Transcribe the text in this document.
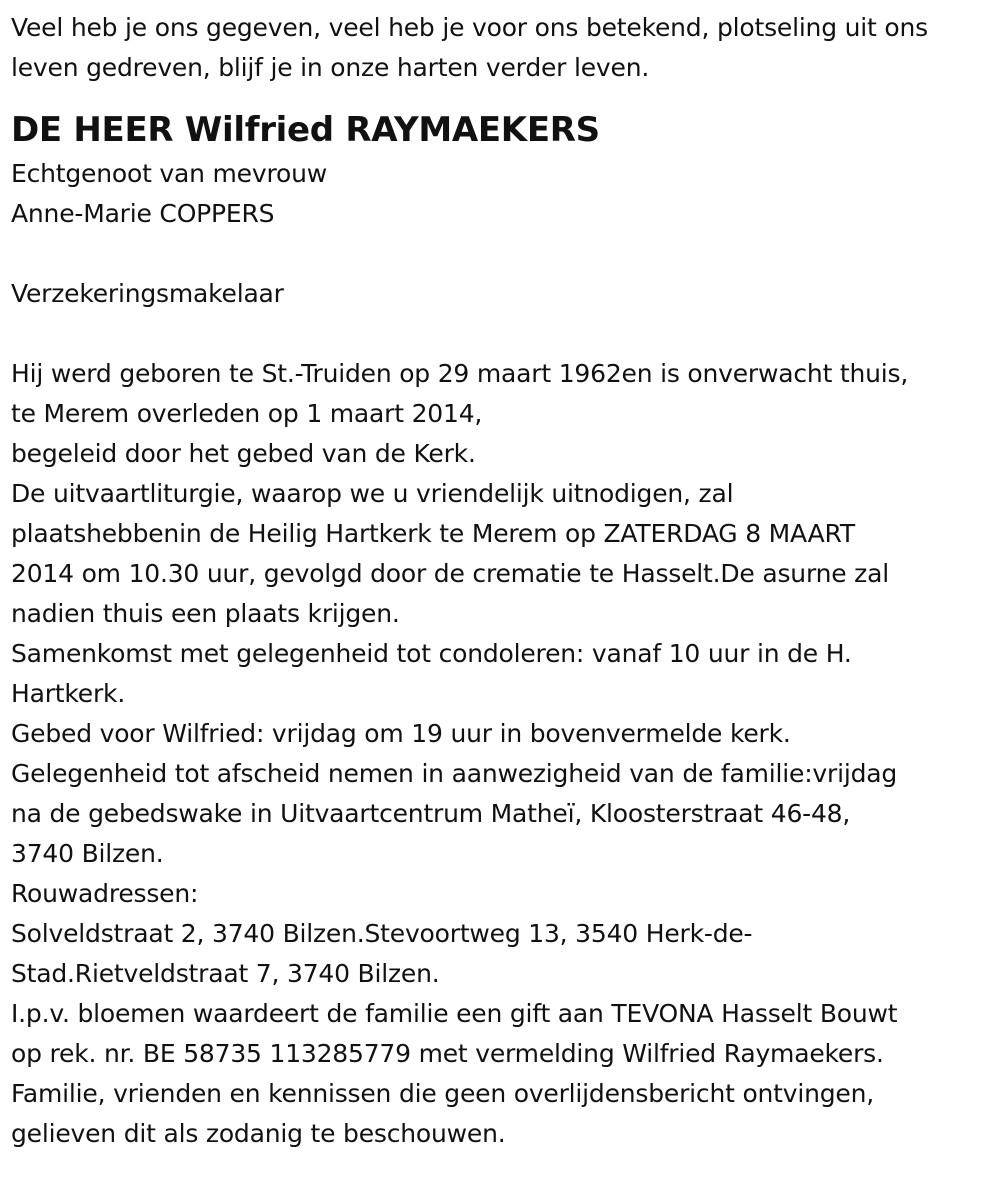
Veel heb je ons gegeven, veel heb je voor ons betekend, plotseling uit ons
leven gedreven, blijf je in onze harten verder leven.
DE HEER Wilfried RAYMAEKERS
Echtgenoot van mevrouw
Anne-Marie COPPERS
Verzekeringsmakelaar
Hij werd geboren te St.-Truiden op 29 maart 1962en is onverwacht thuis,
te Merem overleden op 1 maart 2014,
begeleid door het gebed van de Kerk.
De uitvaartliturgie, waarop we u vriendelijk uitnodigen, zal
plaatshebbenin de Heilig Hartkerk te Merem op ZATERDAG 8 MAART
2014 om 10.30 uur, gevolgd door de crematie te Hasselt.De asurne zal
nadien thuis een plaats krijgen.
Samenkomst met gelegenheid tot condoleren: vanaf 10 uur in de H.
Hartkerk.
Gebed voor Wilfried: vrijdag om 19 uur in bovenvermelde kerk.
Gelegenheid tot afscheid nemen in aanwezigheid van de familie:vrijdag
na de gebedswake in Uitvaartcentrum Matheï, Kloosterstraat 46-48,
3740 Bilzen.
Rouwadressen:
Solveldstraat 2, 3740 Bilzen.Stevoortweg 13, 3540 Herk-de-
Stad.Rietveldstraat 7, 3740 Bilzen.
I.p.v. bloemen waardeert de familie een gift aan TEVONA Hasselt Bouwt
op rek. nr. BE 58735 113285779 met vermelding Wilfried Raymaekers.
Familie, vrienden en kennissen die geen overlijdensbericht ontvingen,
gelieven dit als zodanig te beschouwen.
